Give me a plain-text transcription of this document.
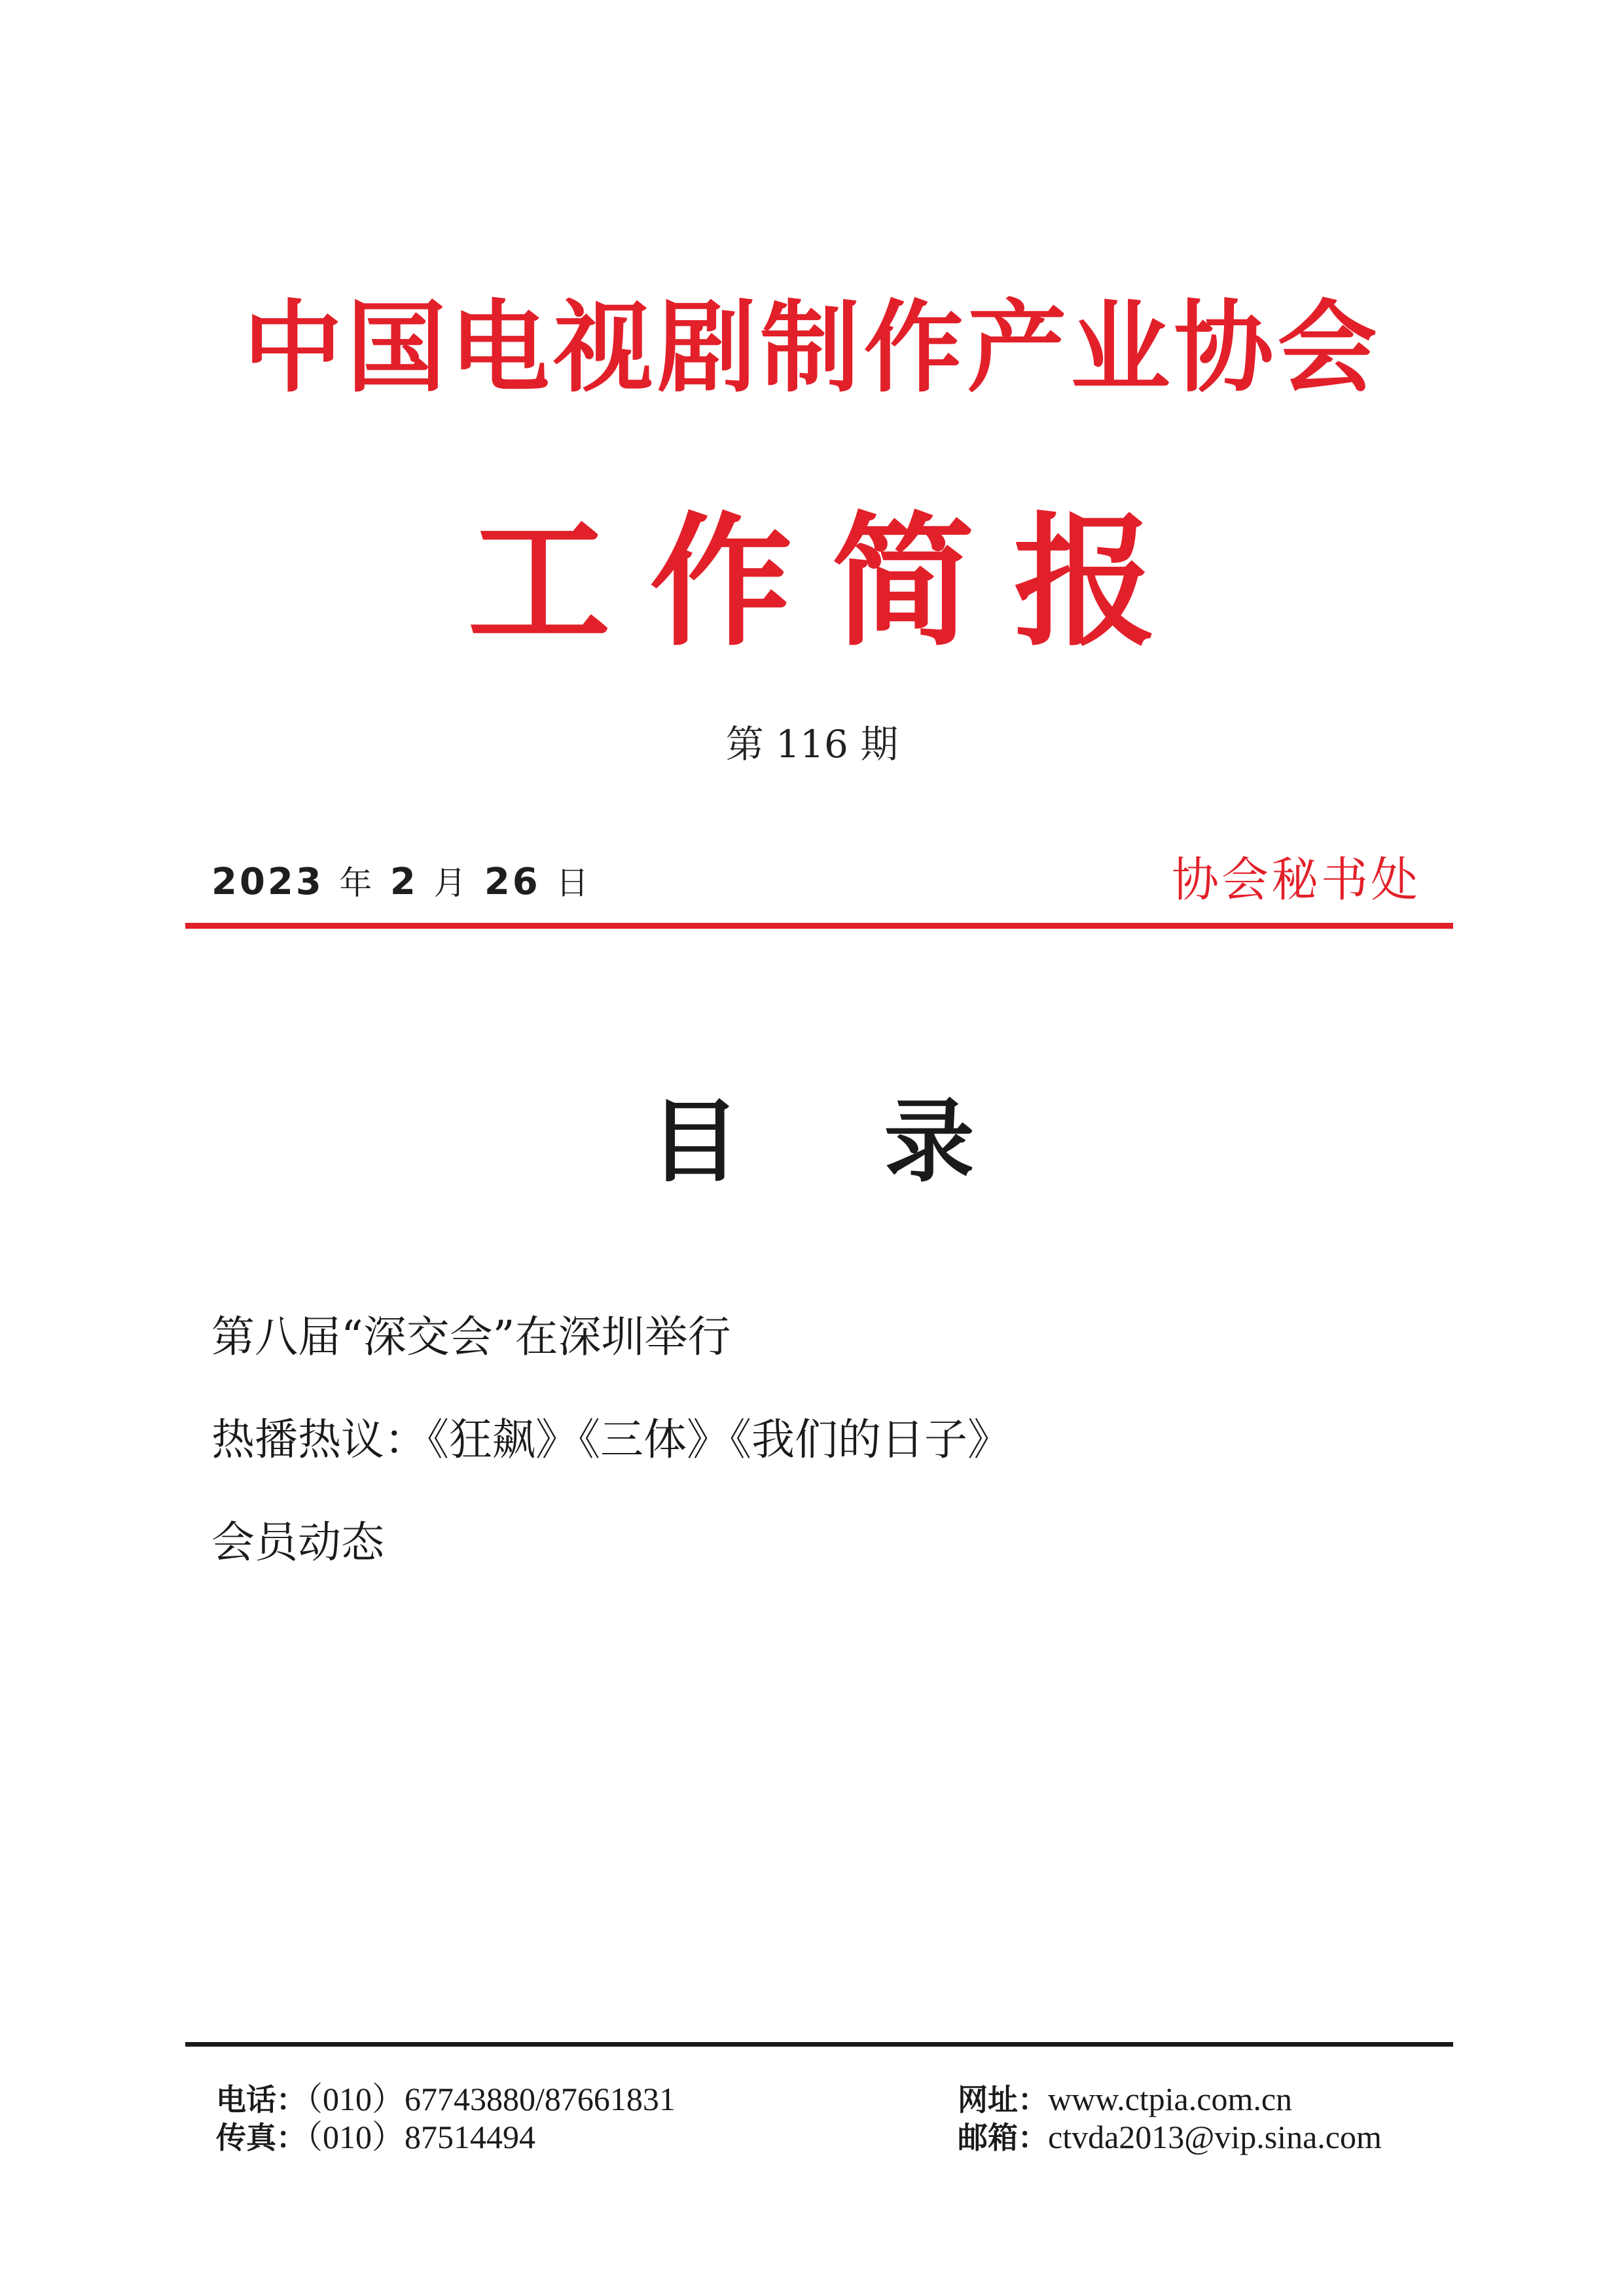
中国电视剧制作产业协会
工作简报
第 116 期
2023 年 2 月 26 日	协会秘书处
目录
第八届“深交会”在深圳举行
热播热议：《狂飙》《三体》《我们的日子》
会员动态
电话：（010）67743880/87661831
传真：（010）87514494
网址：www.ctpia.com.cn
邮箱：ctvda2013@vip.sina.com
